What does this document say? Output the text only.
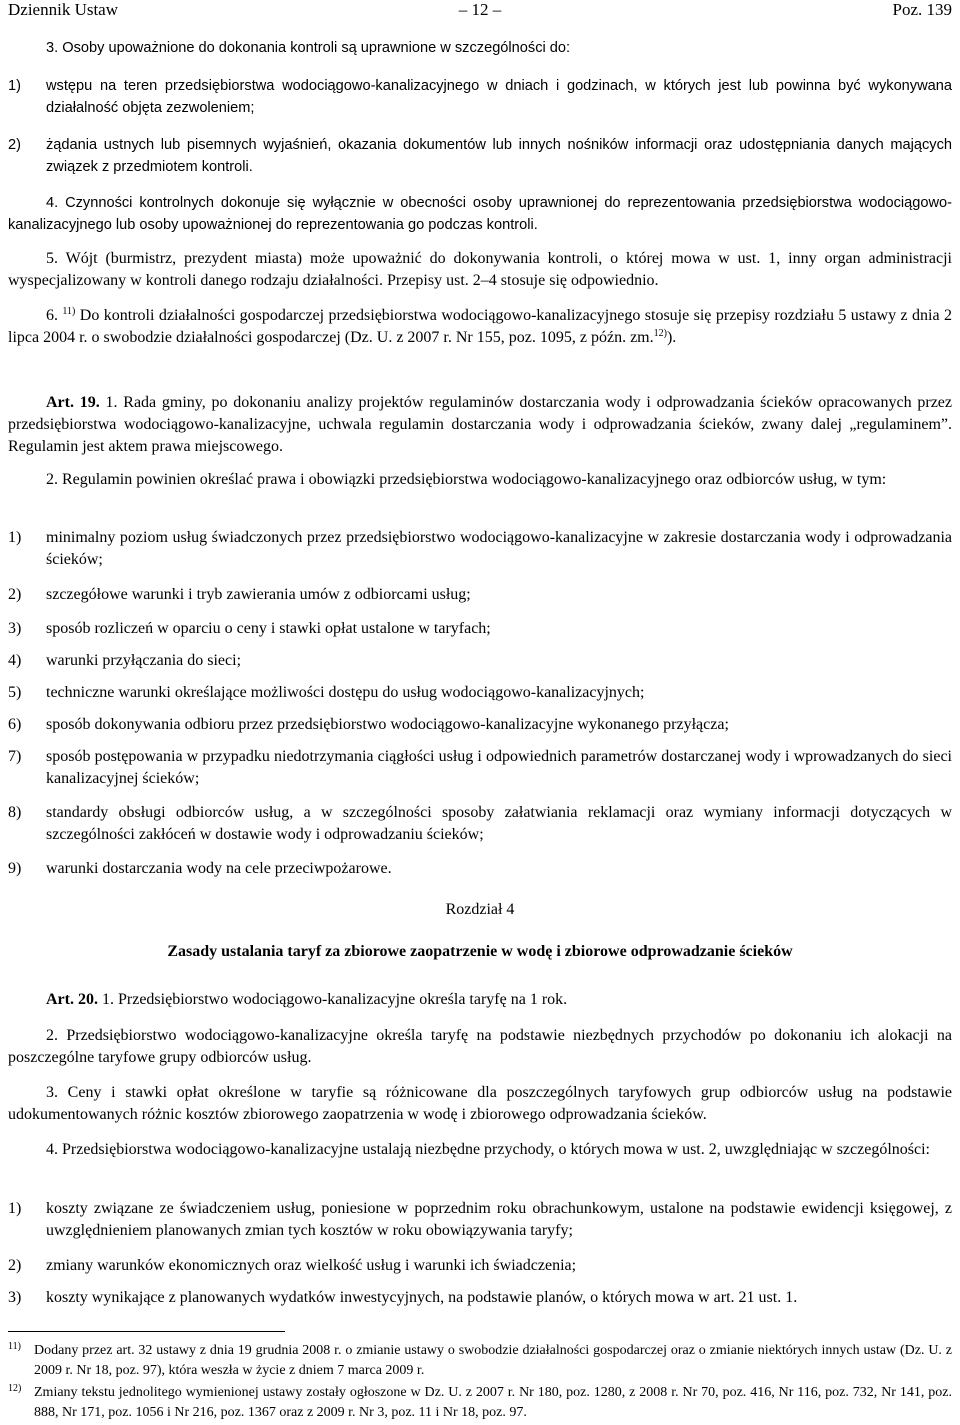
Dziennik Ustaw	– 12 –	Poz. 139
3. Osoby upoważnione do dokonania kontroli są uprawnione w szczególności do:
1) wstępu na teren przedsiębiorstwa wodociągowo-kanalizacyjnego w dniach i godzinach, w których jest lub powinna być wykonywana działalność objęta zezwoleniem;
2) żądania ustnych lub pisemnych wyjaśnień, okazania dokumentów lub innych nośników informacji oraz udostępniania danych mających związek z przedmiotem kontroli.
4. Czynności kontrolnych dokonuje się wyłącznie w obecności osoby uprawnionej do reprezentowania przedsiębiorstwa wodociągowo-kanalizacyjnego lub osoby upoważnionej do reprezentowania go podczas kontroli.
5. Wójt (burmistrz, prezydent miasta) może upoważnić do dokonywania kontroli, o której mowa w ust. 1, inny organ administracji wyspecjalizowany w kontroli danego rodzaju działalności. Przepisy ust. 2–4 stosuje się odpowiednio.
6. $^{11)}$ Do kontroli działalności gospodarczej przedsiębiorstwa wodociągowo-kanalizacyjnego stosuje się przepisy rozdziału 5 ustawy z dnia 2 lipca 2004 r. o swobodzie działalności gospodarczej (Dz. U. z 2007 r. Nr 155, poz. 1095, z późn. zm.$^{12)}$).
Art. 19. 1. Rada gminy, po dokonaniu analizy projektów regulaminów dostarczania wody i odprowadzania ścieków opracowanych przez przedsiębiorstwa wodociągowo-kanalizacyjne, uchwala regulamin dostarczania wody i odprowadzania ścieków, zwany dalej „regulaminem”. Regulamin jest aktem prawa miejscowego.
2. Regulamin powinien określać prawa i obowiązki przedsiębiorstwa wodociągowo-kanalizacyjnego oraz odbiorców usług, w tym:
1) minimalny poziom usług świadczonych przez przedsiębiorstwo wodociągowo-kanalizacyjne w zakresie dostarczania wody i odprowadzania ścieków;
2) szczegółowe warunki i tryb zawierania umów z odbiorcami usług;
3) sposób rozliczeń w oparciu o ceny i stawki opłat ustalone w taryfach;
4) warunki przyłączania do sieci;
5) techniczne warunki określające możliwości dostępu do usług wodociągowo-kanalizacyjnych;
6) sposób dokonywania odbioru przez przedsiębiorstwo wodociągowo-kanalizacyjne wykonanego przyłącza;
7) sposób postępowania w przypadku niedotrzymania ciągłości usług i odpowiednich parametrów dostarczanej wody i wprowadzanych do sieci kanalizacyjnej ścieków;
8) standardy obsługi odbiorców usług, a w szczególności sposoby załatwiania reklamacji oraz wymiany informacji dotyczących w szczególności zakłóceń w dostawie wody i odprowadzaniu ścieków;
9) warunki dostarczania wody na cele przeciwpożarowe.
Rozdział 4
Zasady ustalania taryf za zbiorowe zaopatrzenie w wodę i zbiorowe odprowadzanie ścieków
Art. 20. 1. Przedsiębiorstwo wodociągowo-kanalizacyjne określa taryfę na 1 rok.
2. Przedsiębiorstwo wodociągowo-kanalizacyjne określa taryfę na podstawie niezbędnych przychodów po dokonaniu ich alokacji na poszczególne taryfowe grupy odbiorców usług.
3. Ceny i stawki opłat określone w taryfie są różnicowane dla poszczególnych taryfowych grup odbiorców usług na podstawie udokumentowanych różnic kosztów zbiorowego zaopatrzenia w wodę i zbiorowego odprowadzania ścieków.
4. Przedsiębiorstwa wodociągowo-kanalizacyjne ustalają niezbędne przychody, o których mowa w ust. 2, uwzględniając w szczególności:
1) koszty związane ze świadczeniem usług, poniesione w poprzednim roku obrachunkowym, ustalone na podstawie ewidencji księgowej, z uwzględnieniem planowanych zmian tych kosztów w roku obowiązywania taryfy;
2) zmiany warunków ekonomicznych oraz wielkość usług i warunki ich świadczenia;
3) koszty wynikające z planowanych wydatków inwestycyjnych, na podstawie planów, o których mowa w art. 21 ust. 1.
11) Dodany przez art. 32 ustawy z dnia 19 grudnia 2008 r. o zmianie ustawy o swobodzie działalności gospodarczej oraz o zmianie niektórych innych ustaw (Dz. U. z 2009 r. Nr 18, poz. 97), która weszła w życie z dniem 7 marca 2009 r.
12) Zmiany tekstu jednolitego wymienionej ustawy zostały ogłoszone w Dz. U. z 2007 r. Nr 180, poz. 1280, z 2008 r. Nr 70, poz. 416, Nr 116, poz. 732, Nr 141, poz. 888, Nr 171, poz. 1056 i Nr 216, poz. 1367 oraz z 2009 r. Nr 3, poz. 11 i Nr 18, poz. 97.
